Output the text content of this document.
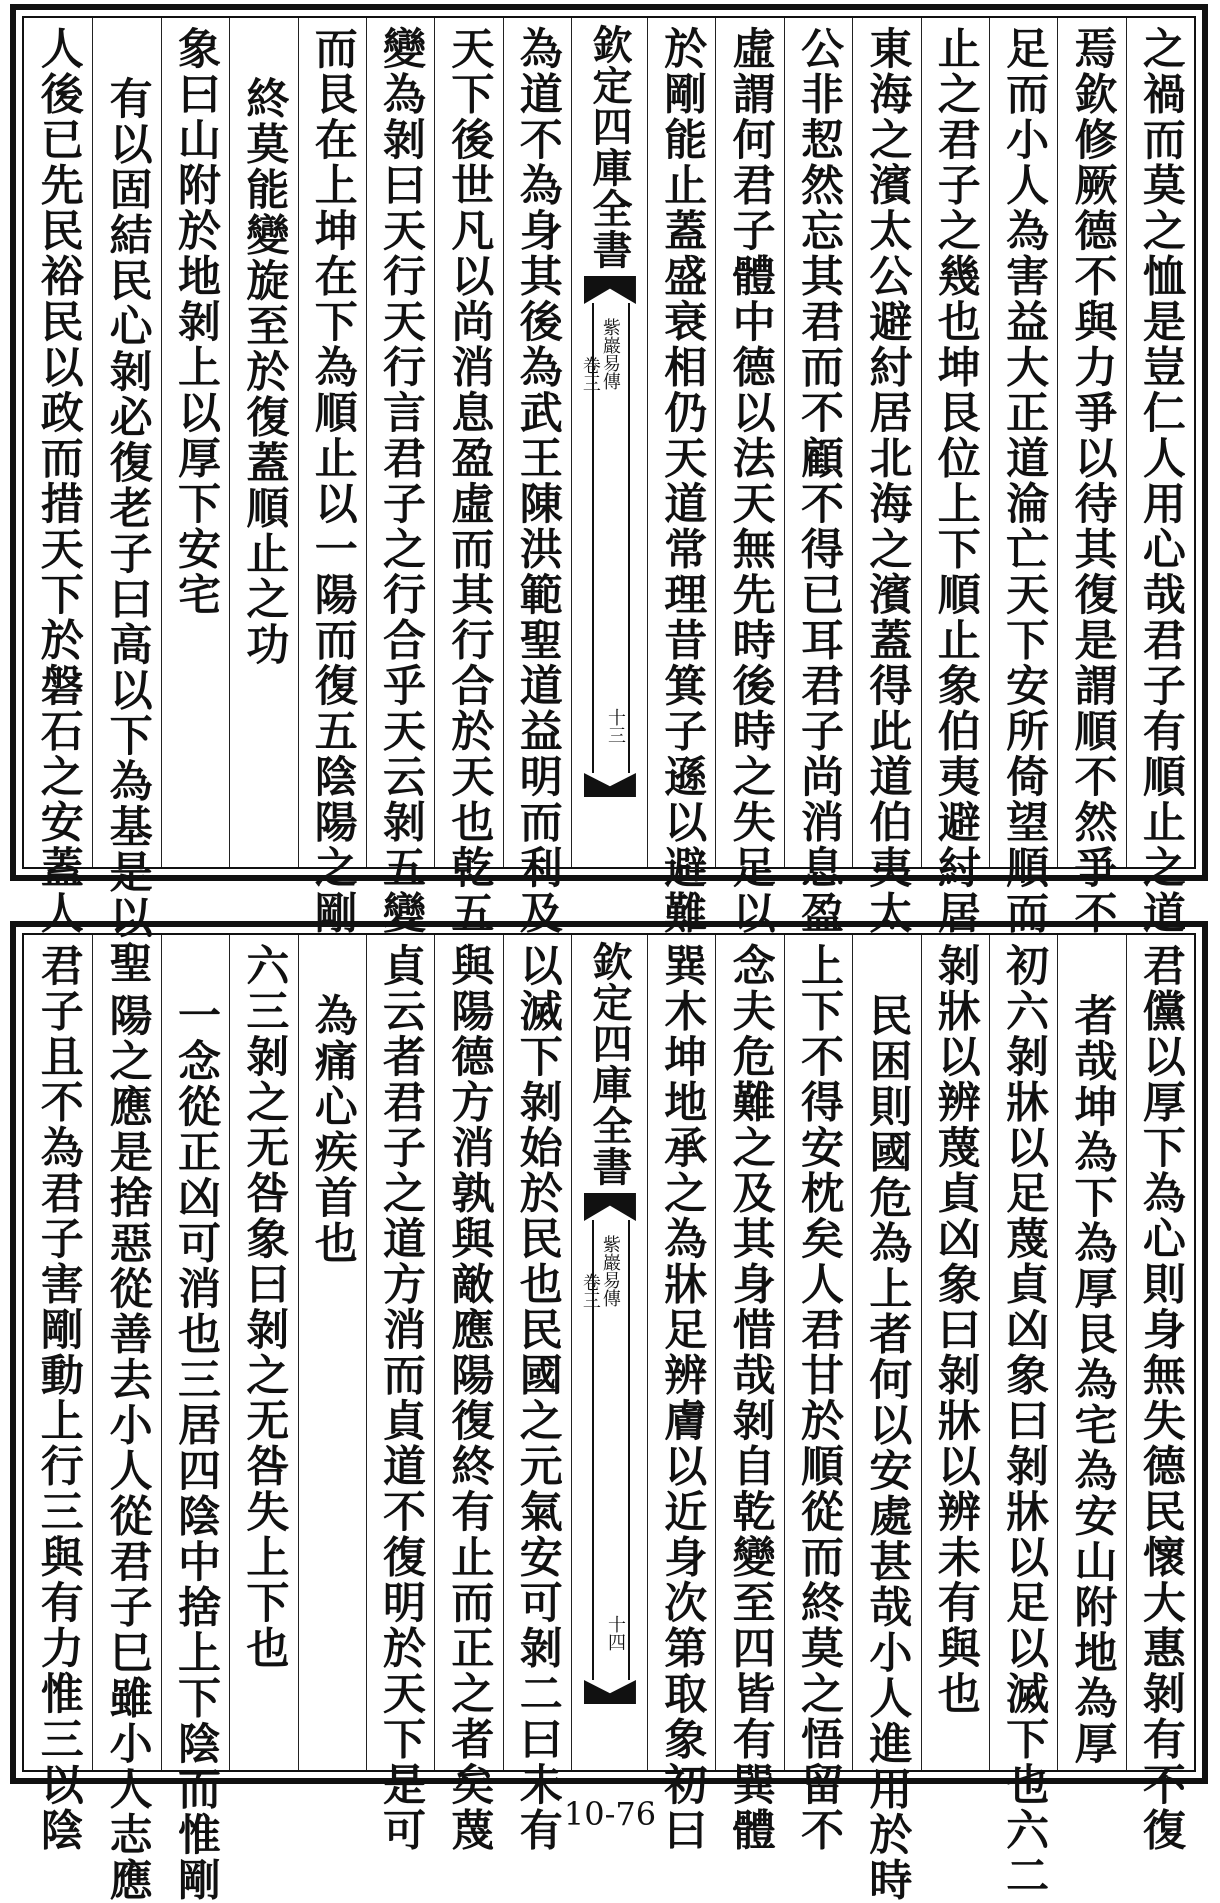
之禍而莫之恤是豈仁人用心哉君子有順止之道
焉欽修厥德不與力爭以待其復是謂順不然爭不
足而小人為害益大正道淪亡天下安所倚望順而
止之君子之幾也坤艮位上下順止象伯夷避紂居
東海之濱太公避紂居北海之濱蓋得此道伯夷太
公非恝然忘其君而不顧不得已耳君子尚消息盈
虛謂何君子體中德以法天無先時後時之失足以
於剛能止蓋盛衰相仍天道常理昔箕子遜以避難
欽定四庫全書
紫巖易傳
卷三
十三
為道不為身其後為武王陳洪範聖道益明而利及
天下後世凡以尚消息盈虛而其行合於天也乾五
變為剝曰天行天行言君子之行合乎天云剝五變
而艮在上坤在下為順止以一陽而復五陰陽之剛
終莫能變旋至於復蓋順止之功
象曰山附於地剝上以厚下安宅
有以固結民心剝必復老子曰高以下為基是以聖
人後已先民裕民以政而措天下於磐石之安蓋人
君儻以厚下為心則身無失德民懷大惠剝有不復
者哉坤為下為厚艮為宅為安山附地為厚
初六剝牀以足蔑貞凶象曰剝牀以足以滅下也六二
剝牀以辨蔑貞凶象曰剝牀以辨未有與也
民困則國危為上者何以安處甚哉小人進用於時
上下不得安枕矣人君甘於順從而終莫之悟留不
念夫危難之及其身惜哉剝自乾變至四皆有巽體
巽木坤地承之為牀足辨膚以近身次第取象初曰
欽定四庫全書
紫巖易傳
卷三
十四
以滅下剝始於民也民國之元氣安可剝二曰未有
與陽德方消孰與敵應陽復終有止而正之者矣蔑
貞云者君子之道方消而貞道不復明於天下是可
為痛心疾首也
六三剝之无咎象曰剝之无咎失上下也
一念從正凶可消也三居四陰中捨上下陰而惟剛
陽之應是捨惡從善去小人從君子巳雖小人志應
君子且不為君子害剛動上行三與有力惟三以陰	10-76
